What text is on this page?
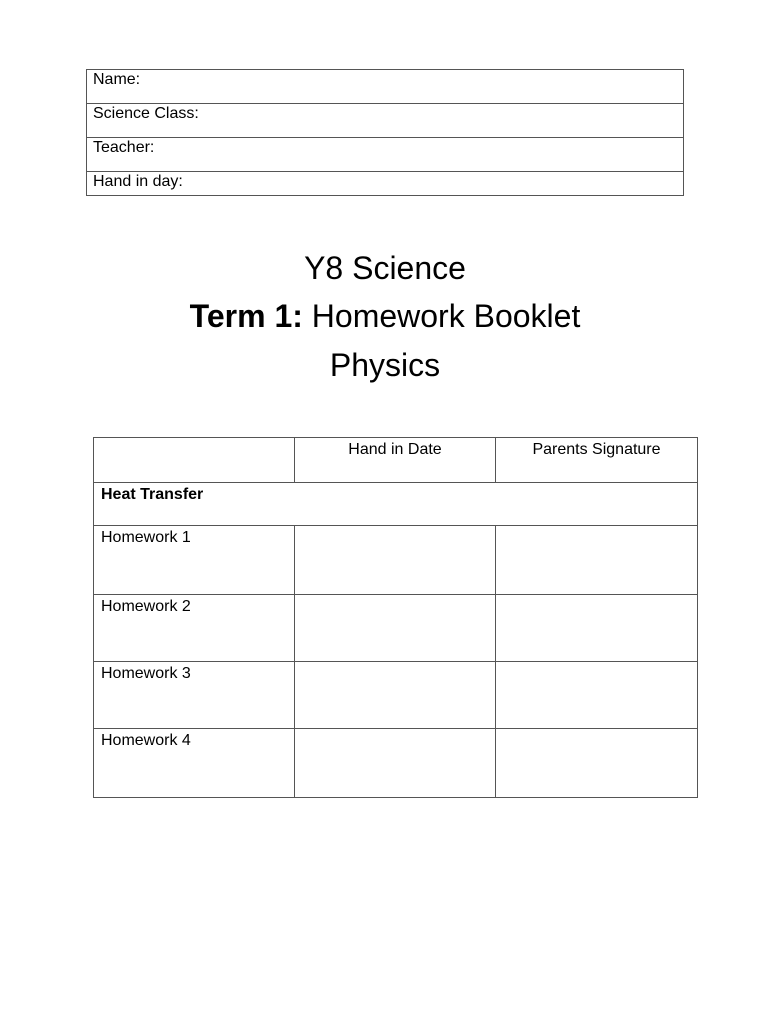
Name:
Science Class:
Teacher:
Hand in day:
Y8 Science
Term 1: Homework Booklet
Physics
	Hand in Date	Parents Signature
Heat Transfer		
Homework 1		
Homework 2		
Homework 3		
Homework 4		
